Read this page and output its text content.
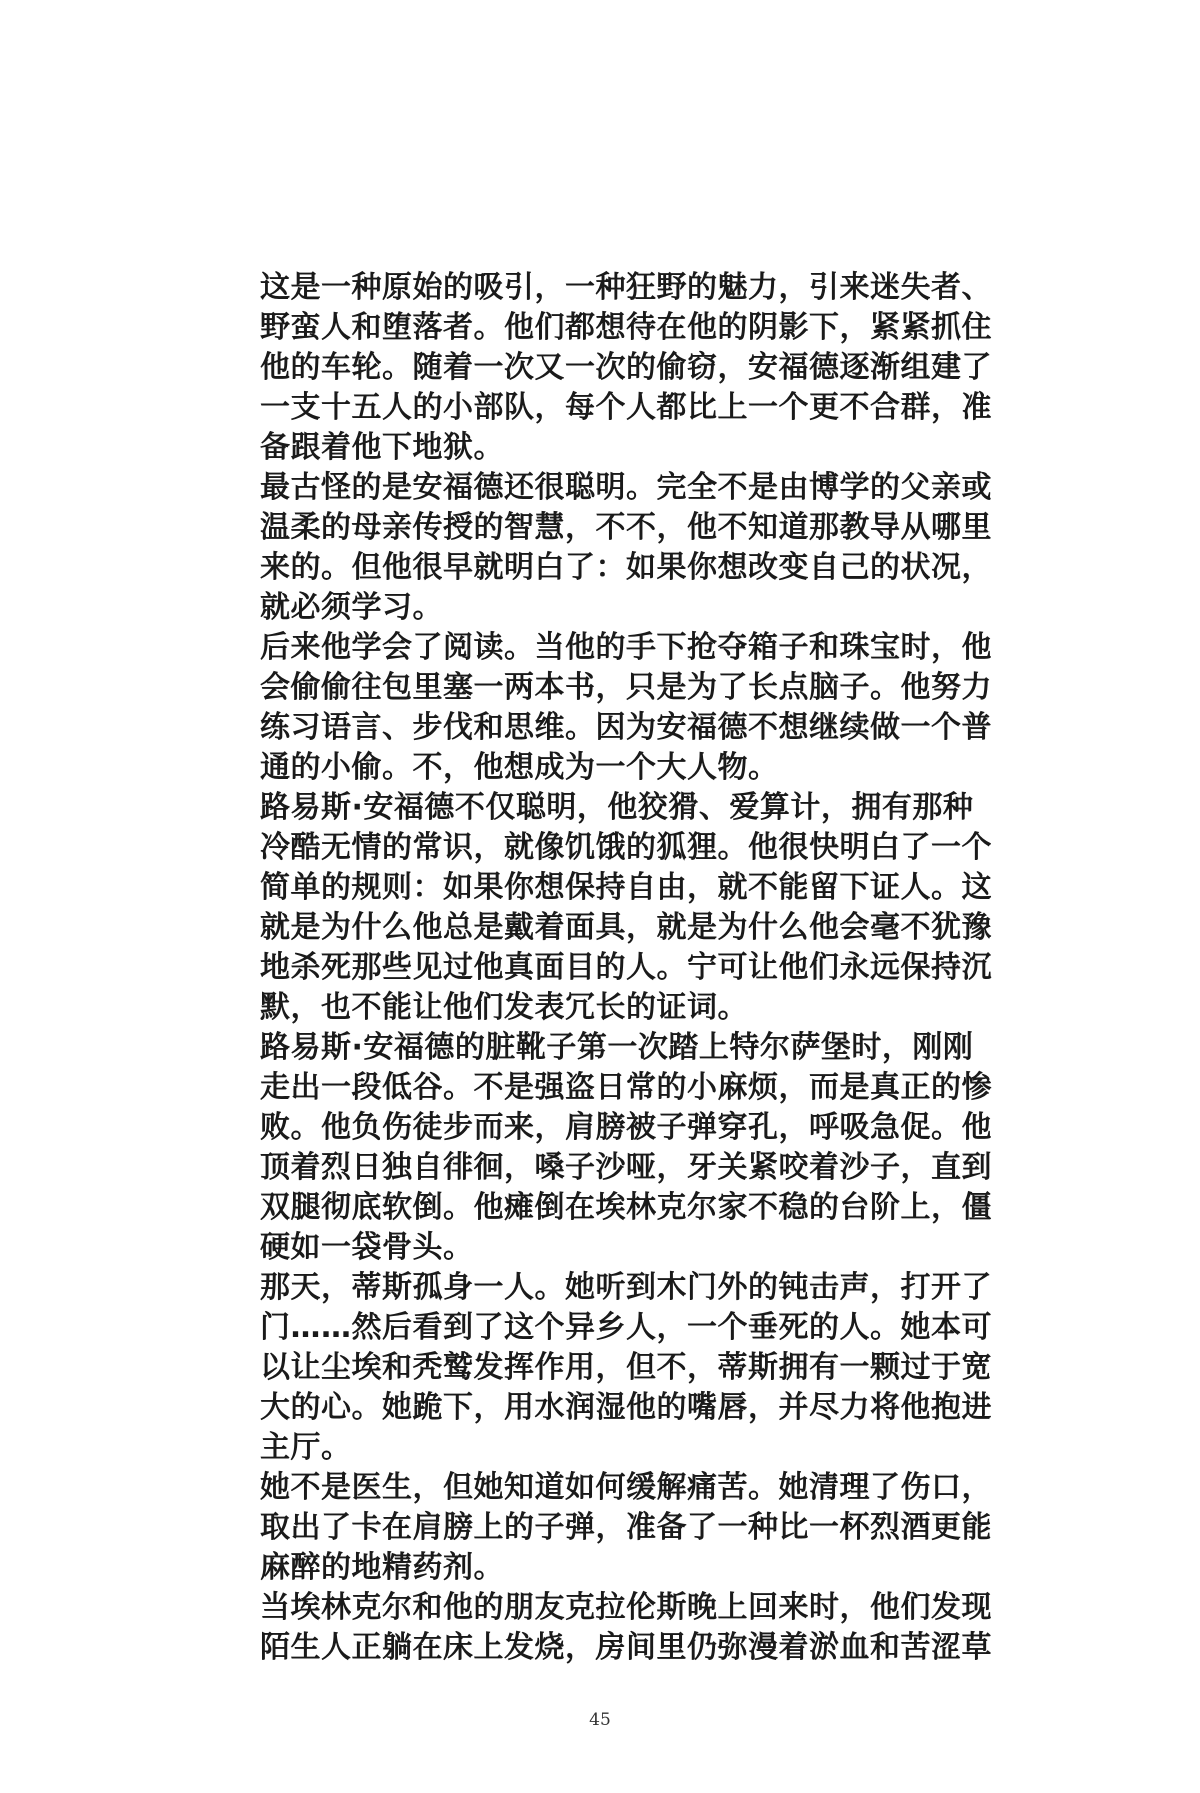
这是一种原始的吸引，一种狂野的魅力，引来迷失者、
野蛮人和堕落者。他们都想待在他的阴影下，紧紧抓住
他的车轮。随着一次又一次的偷窃，安福德逐渐组建了
一支十五人的小部队，每个人都比上一个更不合群，准
备跟着他下地狱。
最古怪的是安福德还很聪明。完全不是由博学的父亲或
温柔的母亲传授的智慧，不不，他不知道那教导从哪里
来的。但他很早就明白了：如果你想改变自己的状况，
就必须学习。
后来他学会了阅读。当他的手下抢夺箱子和珠宝时，他
会偷偷往包里塞一两本书，只是为了长点脑子。他努力
练习语言、步伐和思维。因为安福德不想继续做一个普
通的小偷。不，他想成为一个大人物。
路易斯·安福德不仅聪明，他狡猾、爱算计，拥有那种
冷酷无情的常识，就像饥饿的狐狸。他很快明白了一个
简单的规则：如果你想保持自由，就不能留下证人。这
就是为什么他总是戴着面具，就是为什么他会毫不犹豫
地杀死那些见过他真面目的人。宁可让他们永远保持沉
默，也不能让他们发表冗长的证词。
路易斯·安福德的脏靴子第一次踏上特尔萨堡时，刚刚
走出一段低谷。不是强盗日常的小麻烦，而是真正的惨
败。他负伤徒步而来，肩膀被子弹穿孔，呼吸急促。他
顶着烈日独自徘徊，嗓子沙哑，牙关紧咬着沙子，直到
双腿彻底软倒。他瘫倒在埃林克尔家不稳的台阶上，僵
硬如一袋骨头。
那天，蒂斯孤身一人。她听到木门外的钝击声，打开了
门……然后看到了这个异乡人，一个垂死的人。她本可
以让尘埃和秃鹫发挥作用，但不，蒂斯拥有一颗过于宽
大的心。她跪下，用水润湿他的嘴唇，并尽力将他抱进
主厅。
她不是医生，但她知道如何缓解痛苦。她清理了伤口，
取出了卡在肩膀上的子弹，准备了一种比一杯烈酒更能
麻醉的地精药剂。
当埃林克尔和他的朋友克拉伦斯晚上回来时，他们发现
陌生人正躺在床上发烧，房间里仍弥漫着淤血和苦涩草
45
